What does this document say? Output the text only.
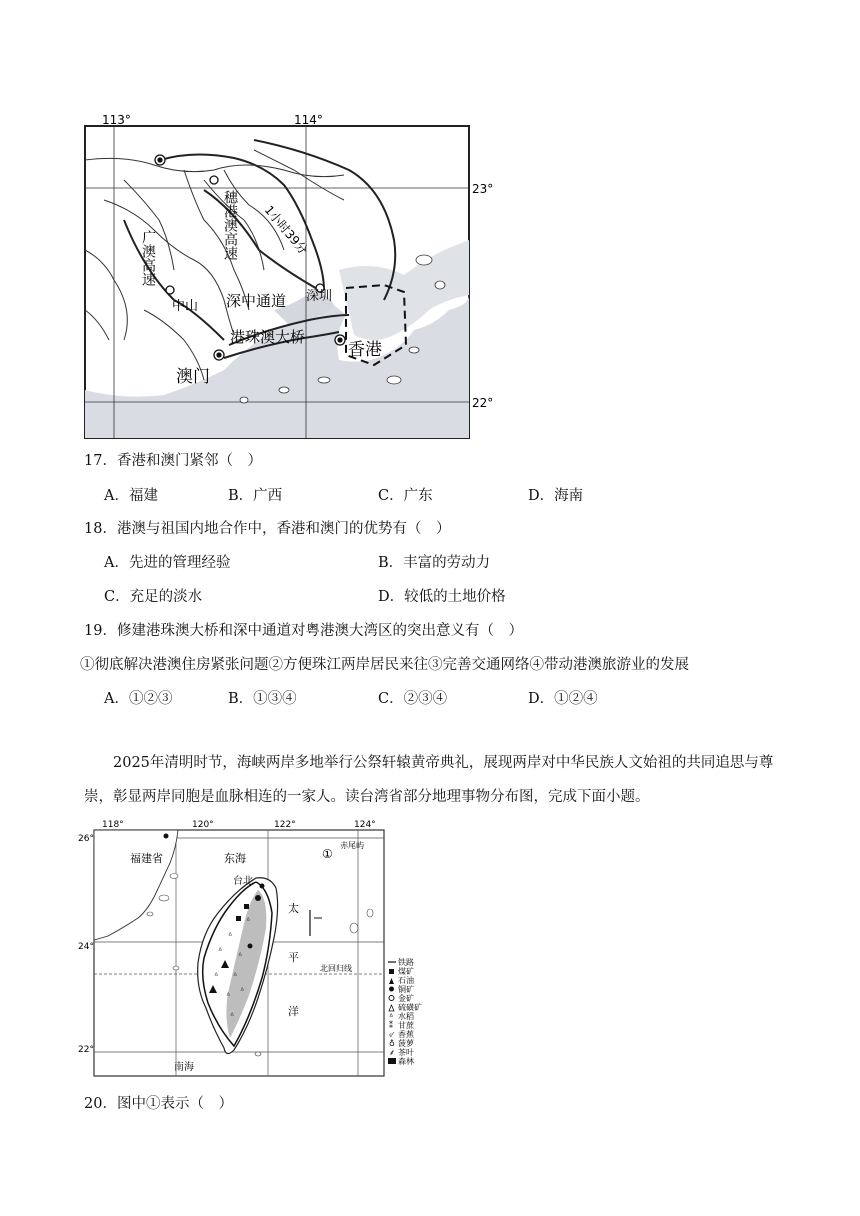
113°	114°
23°
22°
广澳高速	穗港澳高速 1小时39分
深圳
中山 深中通道
港珠澳大桥
香港
澳门
17．香港和澳门紧邻（　）
A．福建	B．广西	C．广东	D．海南
18．港澳与祖国内地合作中，香港和澳门的优势有（　）
A．先进的管理经验	B．丰富的劳动力
C．充足的淡水	D．较低的土地价格
19．修建港珠澳大桥和深中通道对粤港澳大湾区的突出意义有（　）
①彻底解决港澳住房紧张问题②方便珠江两岸居民来往③完善交通网络④带动港澳旅游业的发展
A．①②③	B．①③④	C．②③④	D．①②④
2025年清明时节，海峡两岸多地举行公祭轩辕黄帝典礼，展现两岸对中华民族人文始祖的共同追思与尊崇，彰显两岸同胞是血脉相连的一家人。读台湾省部分地理事物分布图，完成下面小题。
ᐞ
ᐞ
ᐞ
ᐞ
ᐞ
ᐞ
ᐞ
ᐞ
ᐞ
118°	120°	122°	124°
26°
24°
22°
福建省	东海
台北
①
赤尾屿
太
平
洋
北回归线
南海
铁路
煤矿
石油
铜矿
金矿
硫磺矿
ᐞ 水稻
⁑ 甘蔗
୰ 香蕉
♁ 菠萝
⸙ 茶叶
森林
20．图中①表示（　）
